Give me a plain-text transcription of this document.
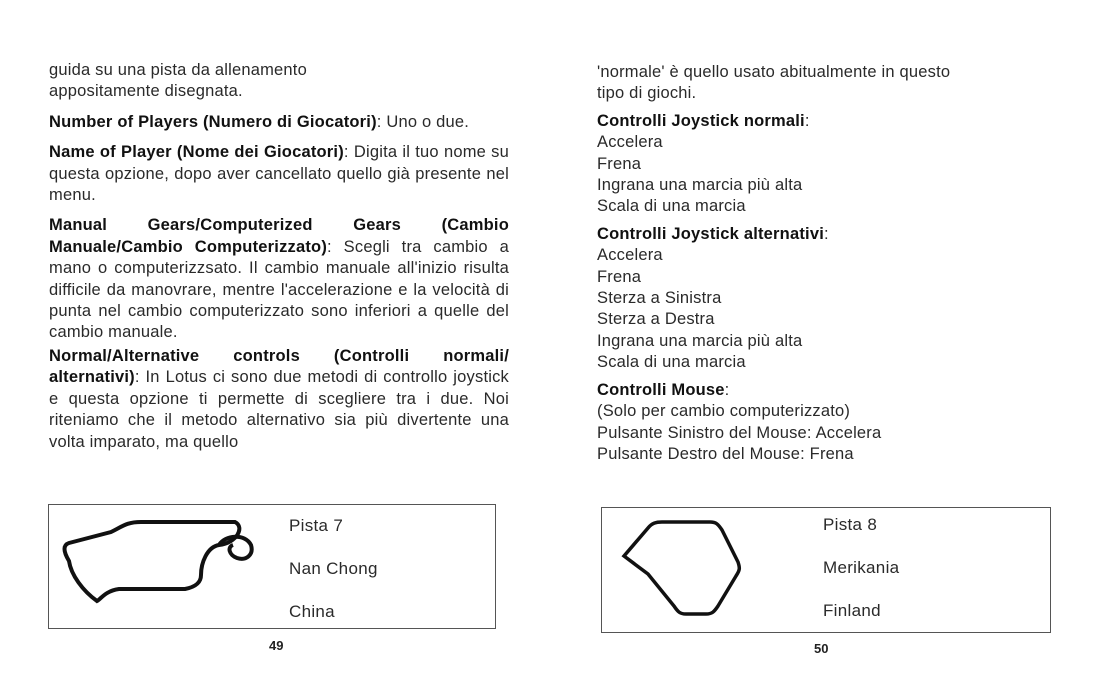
guida su una pista da allenamento
appositamente disegnata.
Number of Players (Numero di Giocatori): Uno o due.
Name of Player (Nome dei Giocatori): Digita il tuo nome su questa opzione, dopo aver cancellato quello già presente nel menu.
Manual Gears/Computerized Gears (Cambio Manuale/Cambio Computerizzato): Scegli tra cambio a mano o computerizzsato. Il cambio manuale all'inizio risulta difficile da manovrare, mentre l'accelerazione e la velocità di punta nel cambio computerizzato sono inferiori a quelle del cambio manuale.
Normal/Alternative controls (Controlli normali/ alternativi): In Lotus ci sono due metodi di controllo joystick e questa opzione ti permette di scegliere tra i due. Noi riteniamo che il metodo alternativo sia più divertente una volta imparato, ma quello
Pista 7
Nan Chong
China
49
'normale' è quello usato abitualmente in questo
tipo di giochi.
Controlli Joystick normali:
Accelera
Frena
Ingrana una marcia più alta
Scala di una marcia
Controlli Joystick alternativi:
Accelera
Frena
Sterza a Sinistra
Sterza a Destra
Ingrana una marcia più alta
Scala di una marcia
Controlli Mouse:
(Solo per cambio computerizzato)
Pulsante Sinistro del Mouse: Accelera
Pulsante Destro del Mouse: Frena
Pista 8
Merikania
Finland
50
